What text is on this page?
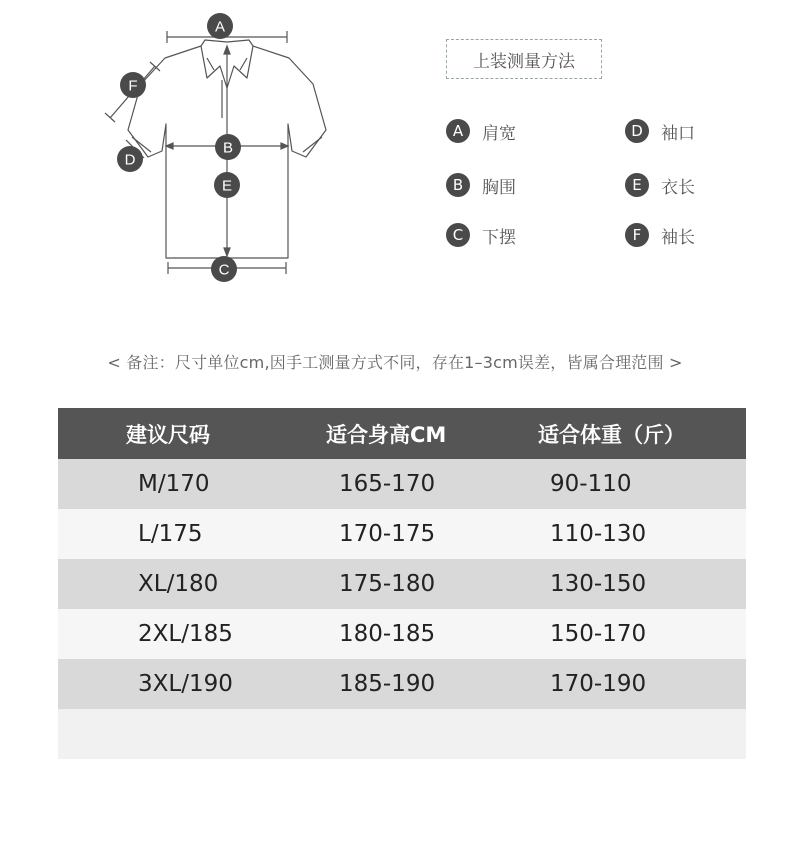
A
B
E
C
F
D
上装测量方法
A	肩宽
B	胸围
C	下摆
D	袖口
E	衣长
F	袖长
< 备注：尺寸单位cm,因手工测量方式不同，存在1–3cm误差，皆属合理范围 >
建议尺码	适合身高CM	适合体重（斤）
M/170	165-170	90-110
L/175	170-175	110-130
XL/180	175-180	130-150
2XL/185	180-185	150-170
3XL/190	185-190	170-190
